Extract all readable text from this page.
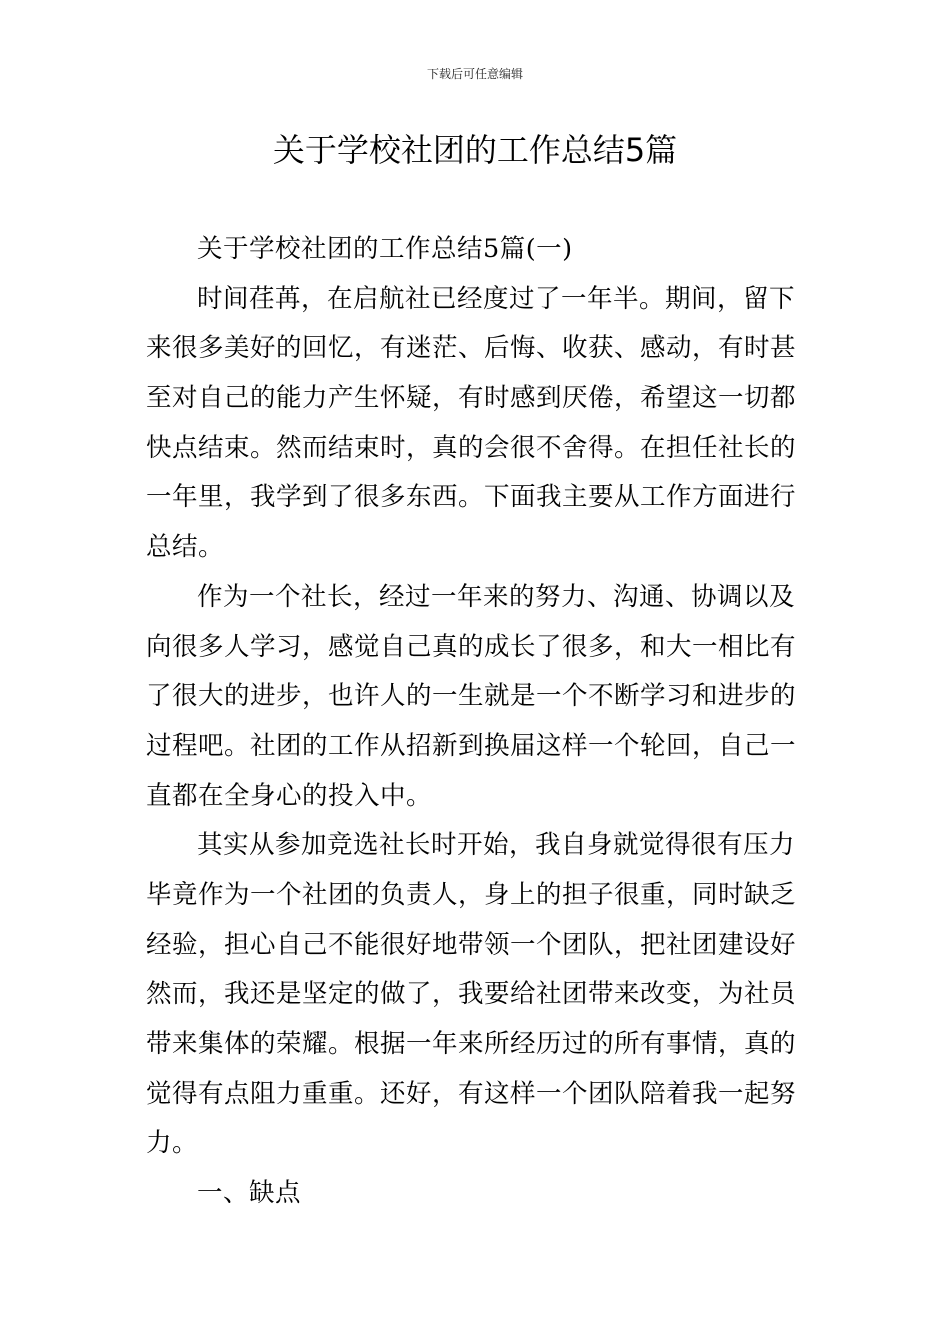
下载后可任意编辑
关于学校社团的工作总结5篇
关于学校社团的工作总结5篇(一)
时间荏苒，在启航社已经度过了一年半。期间，留下
来很多美好的回忆，有迷茫、后悔、收获、感动，有时甚
至对自己的能力产生怀疑，有时感到厌倦，希望这一切都
快点结束。然而结束时，真的会很不舍得。在担任社长的
一年里，我学到了很多东西。下面我主要从工作方面进行
总结。
作为一个社长，经过一年来的努力、沟通、协调以及
向很多人学习，感觉自己真的成长了很多，和大一相比有
了很大的进步，也许人的一生就是一个不断学习和进步的
过程吧。社团的工作从招新到换届这样一个轮回，自己一
直都在全身心的投入中。
其实从参加竞选社长时开始，我自身就觉得很有压力
毕竟作为一个社团的负责人，身上的担子很重，同时缺乏
经验，担心自己不能很好地带领一个团队，把社团建设好
然而，我还是坚定的做了，我要给社团带来改变，为社员
带来集体的荣耀。根据一年来所经历过的所有事情，真的
觉得有点阻力重重。还好，有这样一个团队陪着我一起努
力。
一、缺点
